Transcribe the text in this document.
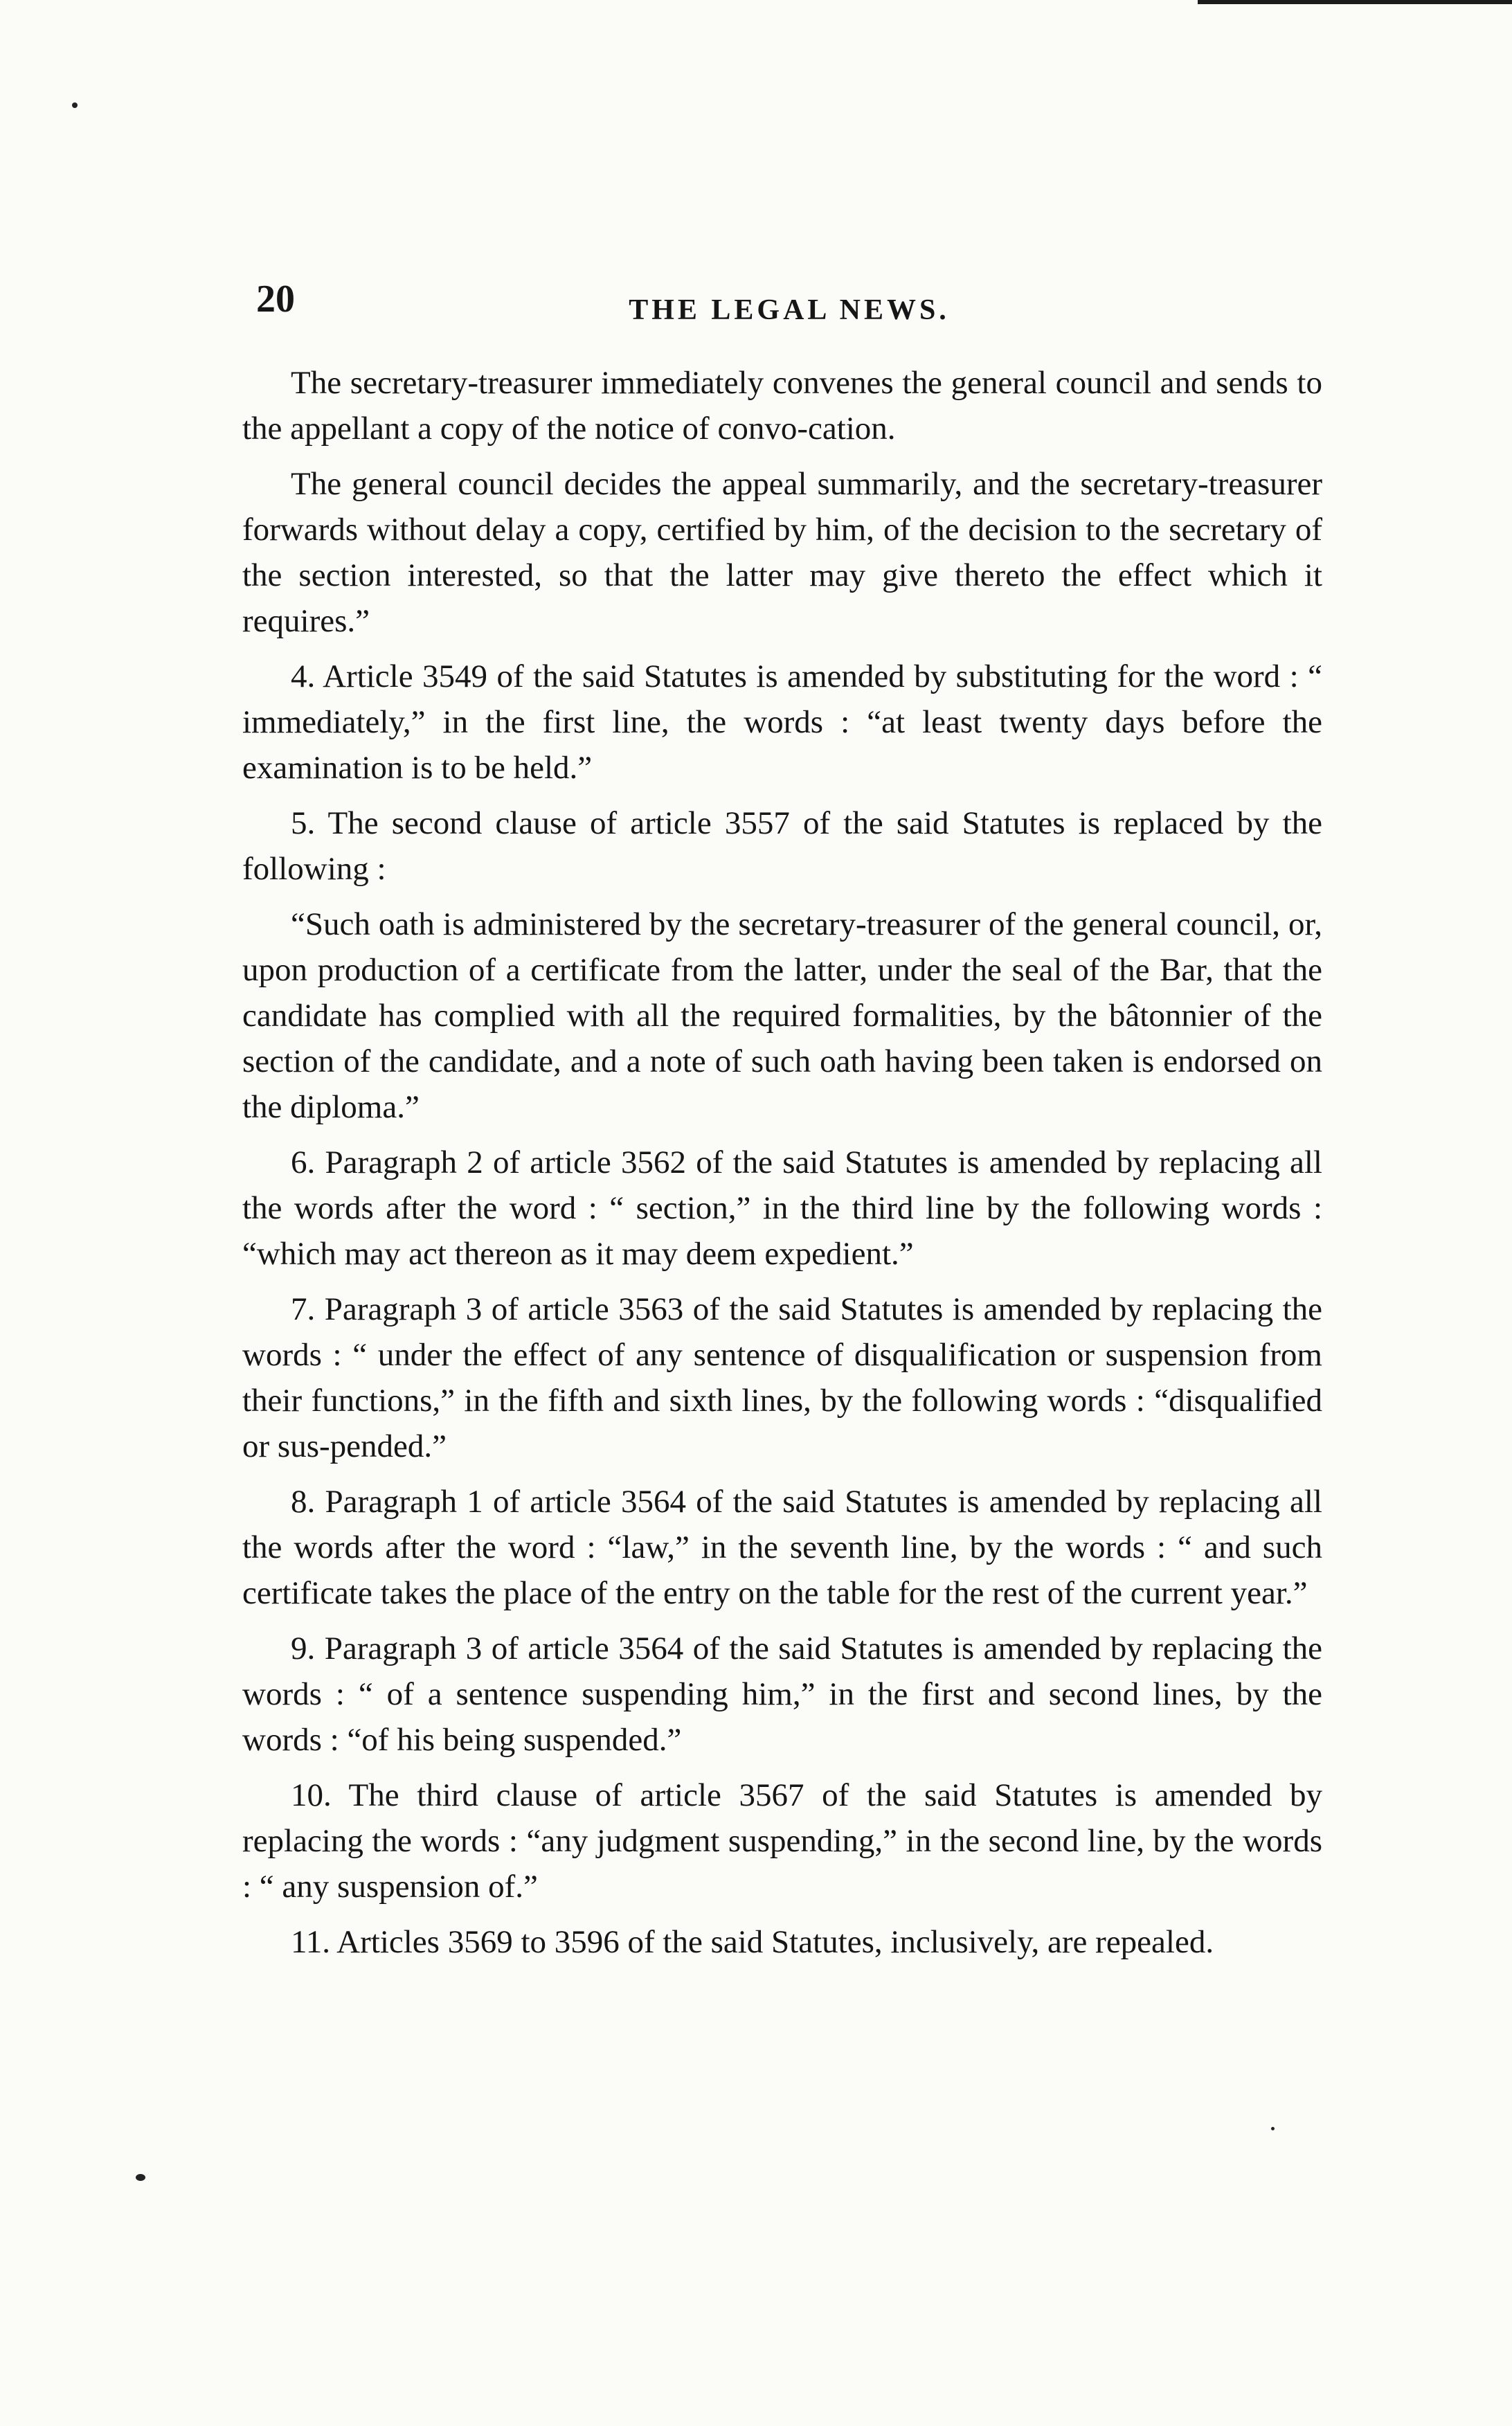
20	THE LEGAL NEWS.

The secretary-treasurer immediately convenes the general council and sends to the appellant a copy of the notice of convo-cation.

The general council decides the appeal summarily, and the secretary-treasurer forwards without delay a copy, certified by him, of the decision to the secretary of the section interested, so that the latter may give thereto the effect which it requires.”

4. Article 3549 of the said Statutes is amended by substituting for the word : “ immediately,” in the first line, the words : “at least twenty days before the examination is to be held.”

5. The second clause of article 3557 of the said Statutes is replaced by the following :

“Such oath is administered by the secretary-treasurer of the general council, or, upon production of a certificate from the latter, under the seal of the Bar, that the candidate has complied with all the required formalities, by the bâtonnier of the section of the candidate, and a note of such oath having been taken is endorsed on the diploma.”

6. Paragraph 2 of article 3562 of the said Statutes is amended by replacing all the words after the word : “ section,” in the third line by the following words : “which may act thereon as it may deem expedient.”

7. Paragraph 3 of article 3563 of the said Statutes is amended by replacing the words : “ under the effect of any sentence of disqualification or suspension from their functions,” in the fifth and sixth lines, by the following words : “disqualified or sus-pended.”

8. Paragraph 1 of article 3564 of the said Statutes is amended by replacing all the words after the word : “law,” in the seventh line, by the words : “ and such certificate takes the place of the entry on the table for the rest of the current year.”

9. Paragraph 3 of article 3564 of the said Statutes is amended by replacing the words : “ of a sentence suspending him,” in the first and second lines, by the words : “of his being suspended.”

10. The third clause of article 3567 of the said Statutes is amended by replacing the words : “any judgment suspending,” in the second line, by the words : “ any suspension of.”

11. Articles 3569 to 3596 of the said Statutes, inclusively, are repealed.
